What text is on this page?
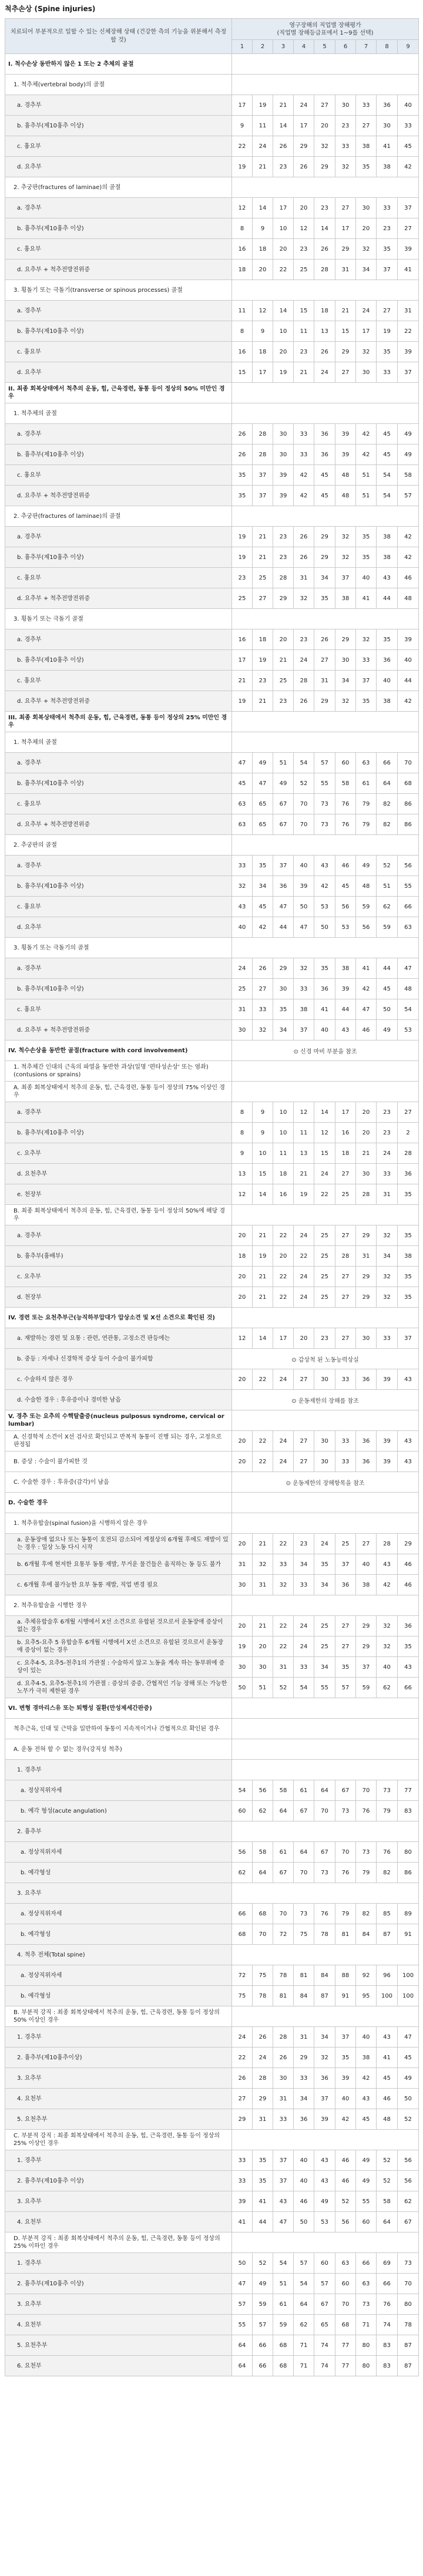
척추손상 (Spine injuries)
치료되어 부분적으로 일할 수 있는 신체장해 상태 (건강한 측의 기능을 위분해서 측정할 것)	영구장해의 직업별 장해평가
(직업별 장해등급표에서 1~9를 선택)								

	1	2	3	4	5	6	7	8	9
I. 척수손상 동반하지 않은 1 또는 2 추체의 골절									
1. 척추체(vertebral body)의 골절									
a. 경추부	17	19	21	24	27	30	33	36	40
b. 흉추부(제10흉추 이상)	9	11	14	17	20	23	27	30	33
c. 흉요부	22	24	26	29	32	33	38	41	45
d. 요추부	19	21	23	26	29	32	35	38	42
2. 추궁판(fractures of laminae)의 골절									
a. 경추부	12	14	17	20	23	27	30	33	37
b. 흉추부(제10흉추 이상)	8	9	10	12	14	17	20	23	27
c. 흉요부	16	18	20	23	26	29	32	35	39
d. 요추부 + 척추전방전위증	18	20	22	25	28	31	34	37	41
3. 횡돌기 또는 극돌기(transverse or spinous processes) 골절									
a. 경추부	11	12	14	15	18	21	24	27	31
b. 흉추부(제10흉추 이상)	8	9	10	11	13	15	17	19	22
c. 흉요부	16	18	20	23	26	29	32	35	39
d. 요추부	15	17	19	21	24	27	30	33	37
II. 최종 회복상태에서 척추의 운동, 힘, 근육경련, 동통 등이 정상의 50% 미만인 경우									
1. 척추체의 골절									
a. 경추부	26	28	30	33	36	39	42	45	49
b. 흉추부(제10흉추 이상)	26	28	30	33	36	39	42	45	49
c. 흉요부	35	37	39	42	45	48	51	54	58
d. 요추부 + 척추전방전위증	35	37	39	42	45	48	51	54	57
2. 추궁판(fractures of laminae)의 골절									
a. 경추부	19	21	23	26	29	32	35	38	42
b. 흉추부(제10흉추 이상)	19	21	23	26	29	32	35	38	42
c. 흉요부	23	25	28	31	34	37	40	43	46
d. 요추부 + 척추전방전위증	25	27	29	32	35	38	41	44	48
3. 횡돌기 또는 극돌기 골절									
a. 경추부	16	18	20	23	26	29	32	35	39
b. 흉추부(제10흉추 이상)	17	19	21	24	27	30	33	36	40
c. 흉요부	21	23	25	28	31	34	37	40	44
d. 요추부 + 척추전방전위증	19	21	23	26	29	32	35	38	42
III. 최종 회복상태에서 척추의 운동, 힘, 근육경련, 동통 등이 정상의 25% 미만인 경우									
1. 척추체의 골절									
a. 경추부	47	49	51	54	57	60	63	66	70
b. 흉추부(제10흉추 이상)	45	47	49	52	55	58	61	64	68
c. 흉요부	63	65	67	70	73	76	79	82	86
d. 요추부 + 척추전방전위증	63	65	67	70	73	76	79	82	86
2. 추궁판의 골절									
a. 경추부	33	35	37	40	43	46	49	52	56
b. 흉추부(제10흉추 이상)	32	34	36	39	42	45	48	51	55
c. 흉요부	43	45	47	50	53	56	59	62	66
d. 요추부	40	42	44	47	50	53	56	59	63
3. 횡돌기 또는 극돌기의 골절									
a. 경추부	24	26	29	32	35	38	41	44	47
b. 흉추부(제10흉추 이상)	25	27	30	33	36	39	42	45	48
c. 흉요부	31	33	35	38	41	44	47	50	54
d. 요추부 + 척추전방전위증	30	32	34	37	40	43	46	49	53
IV. 척수손상을 동반한 골절(fracture with cord involvement)	⊙ 신경 마비 부분을 참조								
1. 척추체간 인대의 근육의 파열을 동반한 과상(일명 '편타성손상' 또는 염좌)(contusions or sprains)									
A. 최종 회복상태에서 척추의 운동, 힘, 근육경련, 동통 등이 정상의 75% 이상인 경우									
a. 경추부	8	9	10	12	14	17	20	23	27
b. 흉추부(제10흉추 이상)	8	9	10	11	12	16	20	23	2
c. 요추부	9	10	11	13	15	18	21	24	28
d. 요천추부	13	15	18	21	24	27	30	33	36
e. 천장부	12	14	16	19	22	25	28	31	35
B. 최종 회복상태에서 척추의 운동, 힘, 근육경련, 동통 등이 정상의 50%에 해당 경우									
a. 경추부	20	21	22	24	25	27	29	32	35
b. 흉추부(흉배부)	18	19	20	22	25	28	31	34	38
c. 요추부	20	21	22	24	25	27	29	32	35
d. 천장부	20	21	22	24	25	27	29	32	35
IV. 경련 또는 요천추부근(능직하부압대가 압상소견 및 X선 소견으로 확인된 것)									
a. 재발하는 경련 및 요통 : 관련, 연관통, 고정소견 판등에는	12	14	17	20	23	27	30	33	37
b. 중등 : 자세나 신경학적 증상 등이 수술이 불가피함	⊙ 갑상척 된 노동능력상실								
c. 수술하지 않은 경우	20	22	24	27	30	33	36	39	43
d. 수술한 경우 : 후유증이나 경미한 남음	⊙ 운동제한의 장해를 참조								
V. 경추 또는 요추의 수핵탈출증(nucleus pulposus syndrome, cervical or lumbar)									
A. 신경학적 소견이 X선 검사로 확인되고 반복적 동통이 진행 되는 경우, 고정으로 판정됨	20	22	24	27	30	33	36	39	43
B. 증상 : 수술이 불가피한 것	20	22	24	27	30	33	36	39	43
C. 수술한 경우 : 후유증(감각)이 남음	⊙ 운동제한의 장해항목을 참조								
D. 수술한 경우									
1. 척추유합술(spinal fusion)을 시행하지 않은 경우									
a. 운동장애 없으나 또는 동통이 호전되 감소되어 계절상의 6개월 후에도 재발이 있는 경우 : 일상 노동 다시 시작	20	21	22	23	24	25	27	28	29
b. 6개월 후에 현저한 요통부 동통 재발, 무거운 물건들은 움직하는 동 등도 불가	31	32	33	34	35	37	40	43	46
c. 6개월 후에 불가능한 요부 동통 재발, 직업 변경 필요	30	31	32	33	34	36	38	42	46
2. 척추유합술을 시행한 경우									
a. 추체유합술후 6개월 시행에서 X선 소견으로 유합된 것으로서 운동장애 증상이 없는 경우	20	21	22	24	25	27	29	32	36
b. 요추5-요추 5 유합술후 6개월 시행에서 X선 소견으로 유합된 것으로서 운동장애 증상이 없는 경우	19	20	22	24	25	27	29	32	35
c. 요추4-5, 요추5-천추1의 가관절 : 수술하지 않고 노동을 계속 하는 동부위에 증상이 있는	30	30	31	33	34	35	37	40	43
d. 요추4-5, 요추5-천추1의 가관절 : 증상의 증증, 간협적인 기능 장해 또는 가능한 노무가 극히 제한된 경우	50	51	52	54	55	57	59	62	66
VI. 변형 경마리스유 또는 퇴행성 질환(만성제세간판증)									
척추근육, 인대 및 근막을 일반하여 동통이 지속적이거나 간협적으로 확인된 경우									
A. 운동 전혀 할 수 없는 경우(강직성 척추)									
1. 경추부									
a. 정상직위자세	54	56	58	61	64	67	70	73	77
b. 예각 형성(acute angulation)	60	62	64	67	70	73	76	79	83
2. 흉추부									
a. 정상직위자세	56	58	61	64	67	70	73	76	80
b. 예각형성	62	64	67	70	73	76	79	82	86
3. 요추부									
a. 정상직위자세	66	68	70	73	76	79	82	85	89
b. 예각형성	68	70	72	75	78	81	84	87	91
4. 척추 전체(Total spine)									
a. 정상직위자세	72	75	78	81	84	88	92	96	100
b. 예각형성	75	78	81	84	87	91	95	100	100
B. 부분적 강직 : 최종 회복상태에서 척추의 운동, 힘, 근육경련, 동통 등이 정상의 50% 이상인 경우									
1. 경추부	24	26	28	31	34	37	40	43	47
2. 흉추부(제10흉추이상)	22	24	26	29	32	35	38	41	45
3. 요추부	26	28	30	33	36	39	42	45	49
4. 요천부	27	29	31	34	37	40	43	46	50
5. 요천추부	29	31	33	36	39	42	45	48	52
C. 부분적 강직 : 최종 회복상태에서 척추의 운동, 힘, 근육경련, 동통 등이 정상의 25% 이상인 경우									
1. 경추부	33	35	37	40	43	46	49	52	56
2. 흉추부(제10흉추 이상)	33	35	37	40	43	46	49	52	56
3. 요추부	39	41	43	46	49	52	55	58	62
4. 요천부	41	44	47	50	53	56	60	64	67
D. 부분적 강직 : 최종 회복상태에서 척추의 운동, 힘, 근육경련, 동통 등이 정상의 25% 이하인 경우									
1. 경추부	50	52	54	57	60	63	66	69	73
2. 흉추부(제10흉추 이상)	47	49	51	54	57	60	63	66	70
3. 요추부	57	59	61	64	67	70	73	76	80
4. 요천부	55	57	59	62	65	68	71	74	78
5. 요천추부	64	66	68	71	74	77	80	83	87
6. 요천부	64	66	68	71	74	77	80	83	87
